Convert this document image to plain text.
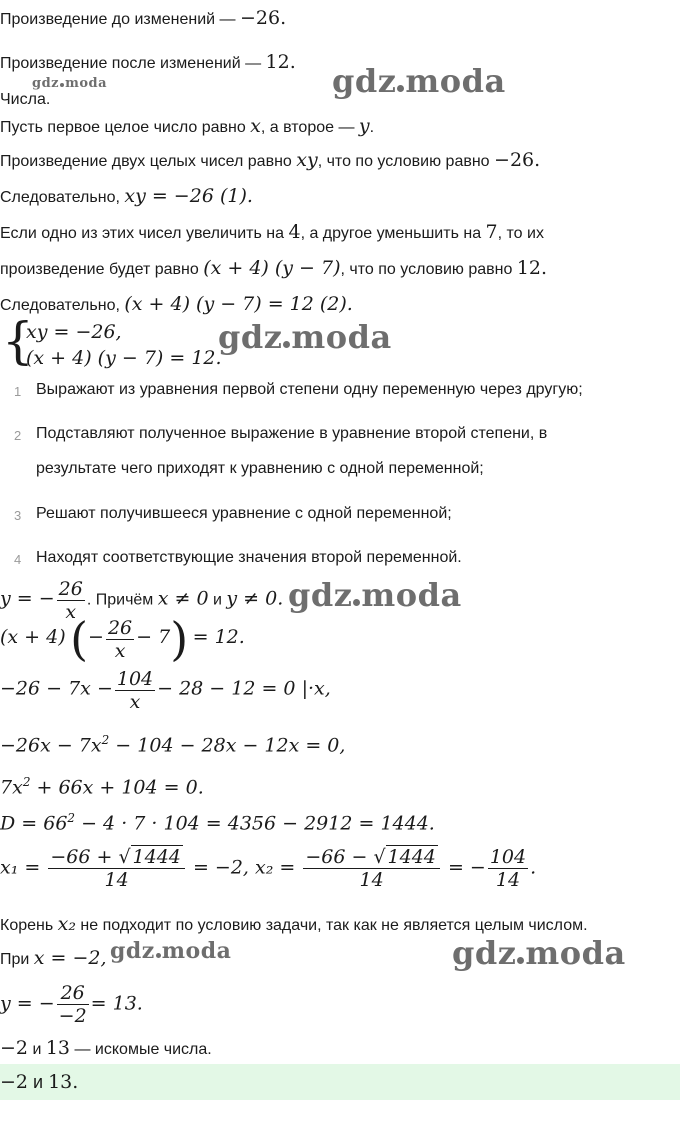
gdz moda	gdz moda
gdz moda
gdz moda
gdz moda	gdz moda
Произведение до изменений — −26.
Произведение после изменений — 12.
Числа.
Пусть первое целое число равно x, а второе — y.
Произведение двух целых чисел равно xy, что по условию равно −26.
Следовательно, xy = −26 (1).
Если одно из этих чисел увеличить на 4, а другое уменьшить на 7, то их
произведение будет равно (x + 4) (y − 7), что по условию равно 12.
Следовательно, (x + 4) (y − 7) = 12 (2).
{
xy = −26,
(x + 4) (y − 7) = 12.
1 Выражают из уравнения первой степени одну переменную через другую;
2 Подставляют полученное выражение в уравнение второй степени, в
результате чего приходят к уравнению с одной переменной;
3 Решают получившееся уравнение с одной переменной;
4 Находят соответствующие значения второй переменной.
y = − $\frac{26}{x}$ . Причём x ≠ 0 и y ≠ 0.
(x + 4) (− $\frac{26}{x} - 7) = 12$.
$-26 - 7x - \frac{104}{x} - 28 - 12 = 0$ |·x,
$-26x - 7x^2 - 104 - 28x - 12x = 0$,
$7x^2 + 66x + 104 = 0$.
$D = 66^2 - 4 \cdot 7 \cdot 104 = 4356 - 2912 = 1444$.
$x_1 = \frac{-66 + √ 1444}{14} = -2$, $x_2 = \frac{-66 - √ 1444}{14}$ = − $\frac{104}{14}$ .
Корень x₂ не подходит по условию задачи, так как не является целым числом.
При x = −2,
y = − $\frac{26}{-2} = 13$.
−2 и 13 — искомые числа.
−2 и 13.
